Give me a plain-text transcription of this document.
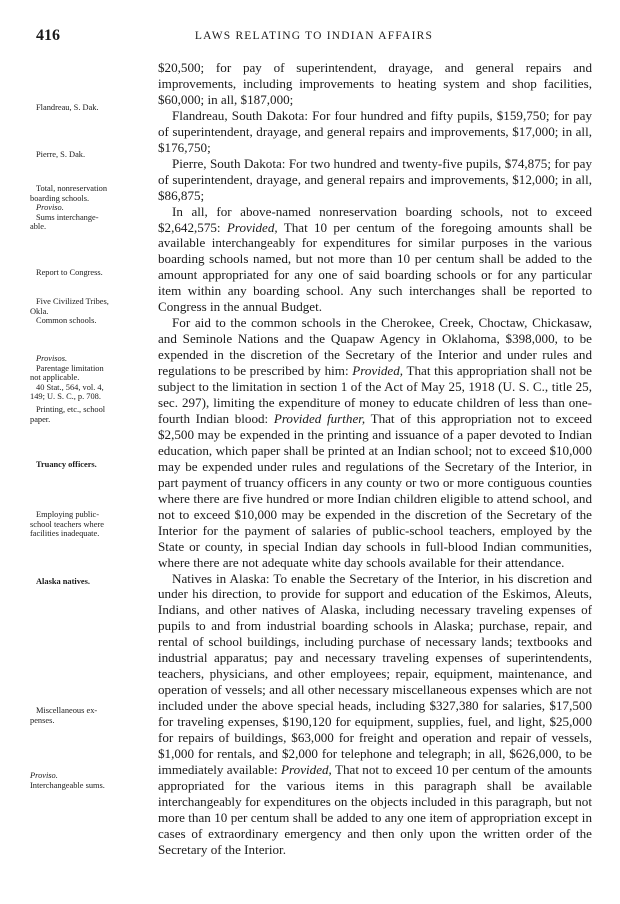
416	LAWS RELATING TO INDIAN AFFAIRS
Flandreau, S. Dak.
Pierre, S. Dak.
Total, nonreservation
boarding schools.
Proviso.
Sums interchange-
able.
Report to Congress.
Five Civilized Tribes,
Okla.
Common schools.
Provisos.
Parentage limitation
not applicable.
40 Stat., 564, vol. 4,
149; U. S. C., p. 708.
Printing, etc., school
paper.
Truancy officers.
Employing public-
school teachers where
facilities inadequate.
Alaska natives.
Miscellaneous ex-
penses.
Proviso.
Interchangeable sums.

$20,500; for pay of superintendent, drayage, and general repairs and improvements, including improvements to heating system and shop facilities, $60,000; in all, $187,000;

Flandreau, South Dakota: For four hundred and fifty pupils, $159,750; for pay of superintendent, drayage, and general repairs and improvements, $17,000; in all, $176,750;

Pierre, South Dakota: For two hundred and twenty-five pupils, $74,875; for pay of superintendent, drayage, and general repairs and improvements, $12,000; in all, $86,875;

In all, for above-named nonreservation boarding schools, not to exceed $2,642,575: Provided, That 10 per centum of the foregoing amounts shall be available interchangeably for expenditures for similar purposes in the various boarding schools named, but not more than 10 per centum shall be added to the amount appropriated for any one of said boarding schools or for any particular item within any boarding school. Any such interchanges shall be reported to Congress in the annual Budget.

For aid to the common schools in the Cherokee, Creek, Choctaw, Chickasaw, and Seminole Nations and the Quapaw Agency in Oklahoma, $398,000, to be expended in the discretion of the Secretary of the Interior and under rules and regulations to be prescribed by him: Provided, That this appropriation shall not be subject to the limitation in section 1 of the Act of May 25, 1918 (U. S. C., title 25, sec. 297), limiting the expenditure of money to educate children of less than one-fourth Indian blood: Provided further, That of this appropriation not to exceed $2,500 may be expended in the printing and issuance of a paper devoted to Indian education, which paper shall be printed at an Indian school; not to exceed $10,000 may be expended under rules and regulations of the Secretary of the Interior, in part payment of truancy officers in any county or two or more contiguous counties where there are five hundred or more Indian children eligible to attend school, and not to exceed $10,000 may be expended in the discretion of the Secretary of the Interior for the payment of salaries of public-school teachers, employed by the State or county, in special Indian day schools in full-blood Indian communities, where there are not adequate white day schools available for their attendance.

Natives in Alaska: To enable the Secretary of the Interior, in his discretion and under his direction, to provide for support and education of the Eskimos, Aleuts, Indians, and other natives of Alaska, including necessary traveling expenses of pupils to and from industrial boarding schools in Alaska; purchase, repair, and rental of school buildings, including purchase of necessary lands; textbooks and industrial apparatus; pay and necessary traveling expenses of superintendents, teachers, physicians, and other employees; repair, equipment, maintenance, and operation of vessels; and all other necessary miscellaneous expenses which are not included under the above special heads, including $327,380 for salaries, $17,500 for traveling expenses, $190,120 for equipment, supplies, fuel, and light, $25,000 for repairs of buildings, $63,000 for freight and operation and repair of vessels, $1,000 for rentals, and $2,000 for telephone and telegraph; in all, $626,000, to be immediately available: Provided, That not to exceed 10 per centum of the amounts appropriated for the various items in this paragraph shall be available interchangeably for expenditures on the objects included in this paragraph, but not more than 10 per centum shall be added to any one item of appropriation except in cases of extraordinary emergency and then only upon the written order of the Secretary of the Interior.
